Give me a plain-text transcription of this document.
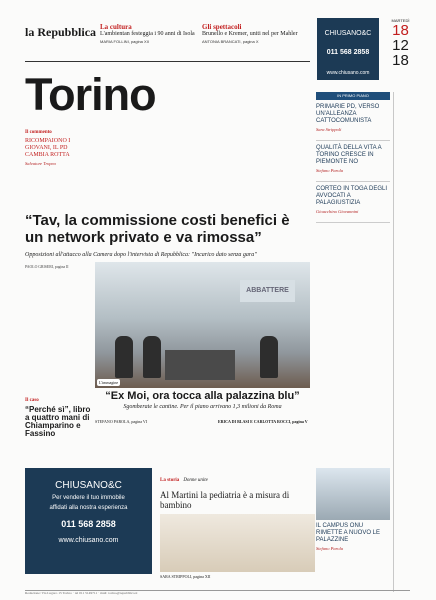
la Repubblica La cultura
L'ambientan festeggia i 90 anni di Isola
MARIA FOLLINI, pagina XII
Gli spettacoli
Brunello e Kremer, uniti nel per Mahler
ANTONIA BRANCATI, pagina X
Torino
CHIUSANO&C
011 568 2858
www.chiusano.com
MARTEDÌ
18
12
18
Il commento
RICOMPAIONO I GIOVANI, IL PD CAMBIA ROTTA
Salvatore Tropea
“Tav, la commissione costi benefici è un network privato e va rimossa”
Opposizioni all'attacco alla Camera dopo l'intervista di Repubblica: "Incarico dato senza gara"
PAOLO GRISERI, pagina II
ABBATTERE
L'immagine
“Ex Moi, ora tocca alla palazzina blu”
Sgomberate le cantine. Per il piano arrivano 1,3 milioni da Roma
ERICA DI BLASI E CARLOTTA ROCCI, pagina V
Il caso
“Perché sì”, libro a quattro mani di Chiamparino e Fassino
STEFANO PAROLA, pagina VI
CHIUSANO&C
Per vendere il tuo immobile
affidati alla nostra esperienza
011 568 2858
www.chiusano.com
La storia Donne unite
Al Martini la pediatria è a misura di bambino
SARA STRIPPOLI, pagina XII
IN PRIMO PIANO
PRIMARIE PD, VERSO UN'ALLEANZA CATTOCOMUNISTA
Sara Strippoli
QUALITÀ DELLA VITA A TORINO CRESCE IN PIEMONTE NO
Stefano Parola
CORTEO IN TOGA DEGLI AVVOCATI A PALAGIUSTIZIA
Gioacchino Giovannini
IL CAMPUS ONU RIMETTE A NUOVO LE PALAZZINE
Stefano Parola
Redazione: Via Lugaro 15 Torino · tel 011 5149711 · mail: torino@repubblica.it
